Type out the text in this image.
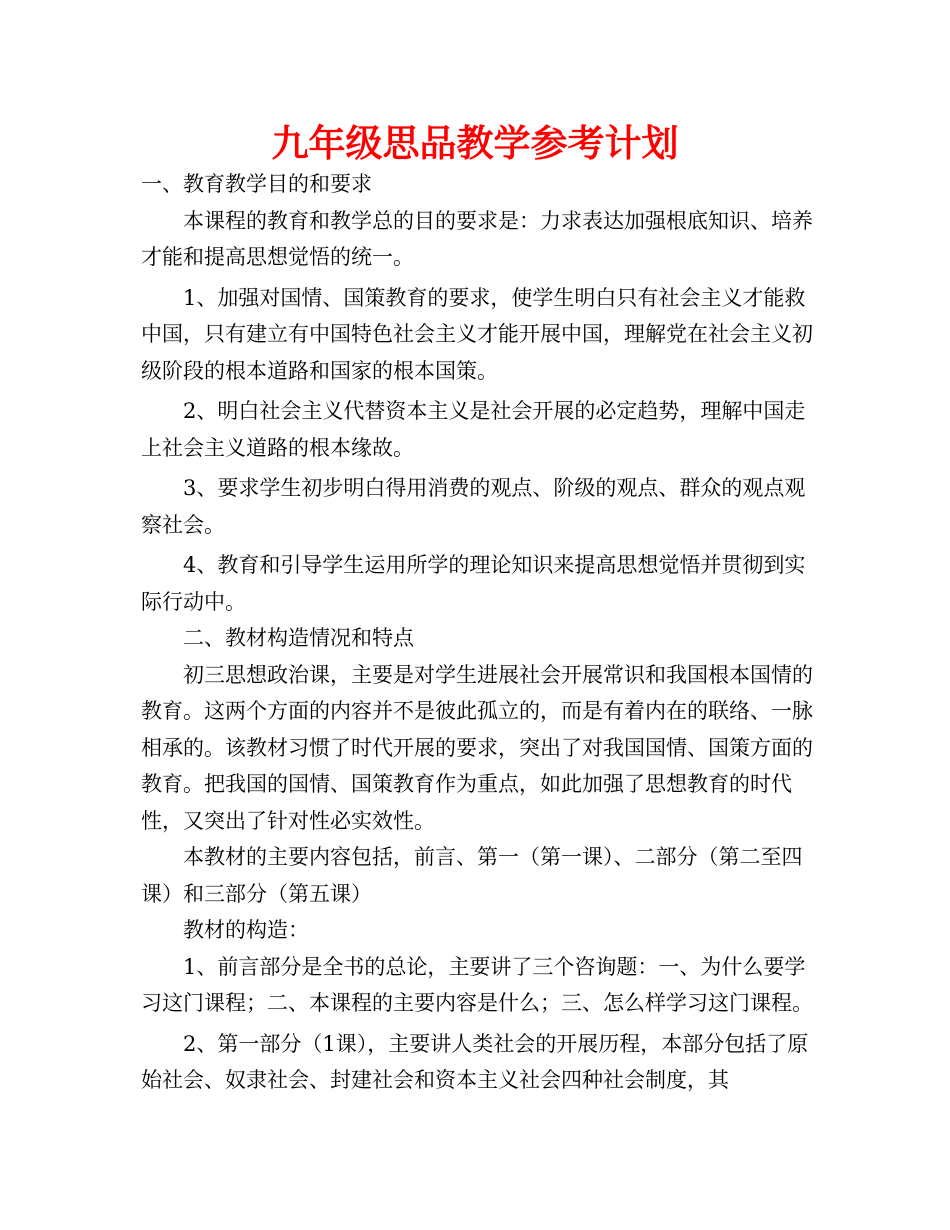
九年级思品教学参考计划

一、教育教学目的和要求

本课程的教育和教学总的目的要求是：力求表达加强根底知识、培养才能和提高思想觉悟的统一。

1、加强对国情、国策教育的要求，使学生明白只有社会主义才能救中国，只有建立有中国特色社会主义才能开展中国，理解党在社会主义初级阶段的根本道路和国家的根本国策。

2、明白社会主义代替资本主义是社会开展的必定趋势，理解中国走上社会主义道路的根本缘故。

3、要求学生初步明白得用消费的观点、阶级的观点、群众的观点观察社会。

4、教育和引导学生运用所学的理论知识来提高思想觉悟并贯彻到实际行动中。

二、教材构造情况和特点

初三思想政治课，主要是对学生进展社会开展常识和我国根本国情的教育。这两个方面的内容并不是彼此孤立的，而是有着内在的联络、一脉相承的。该教材习惯了时代开展的要求，突出了对我国国情、国策方面的教育。把我国的国情、国策教育作为重点，如此加强了思想教育的时代性，又突出了针对性必实效性。

本教材的主要内容包括，前言、第一（第一课）、二部分（第二至四课）和三部分（第五课）

教材的构造：

1、前言部分是全书的总论，主要讲了三个咨询题：一、为什么要学习这门课程；二、本课程的主要内容是什么；三、怎么样学习这门课程。

2、第一部分（1课），主要讲人类社会的开展历程，本部分包括了原始社会、奴隶社会、封建社会和资本主义社会四种社会制度，其
